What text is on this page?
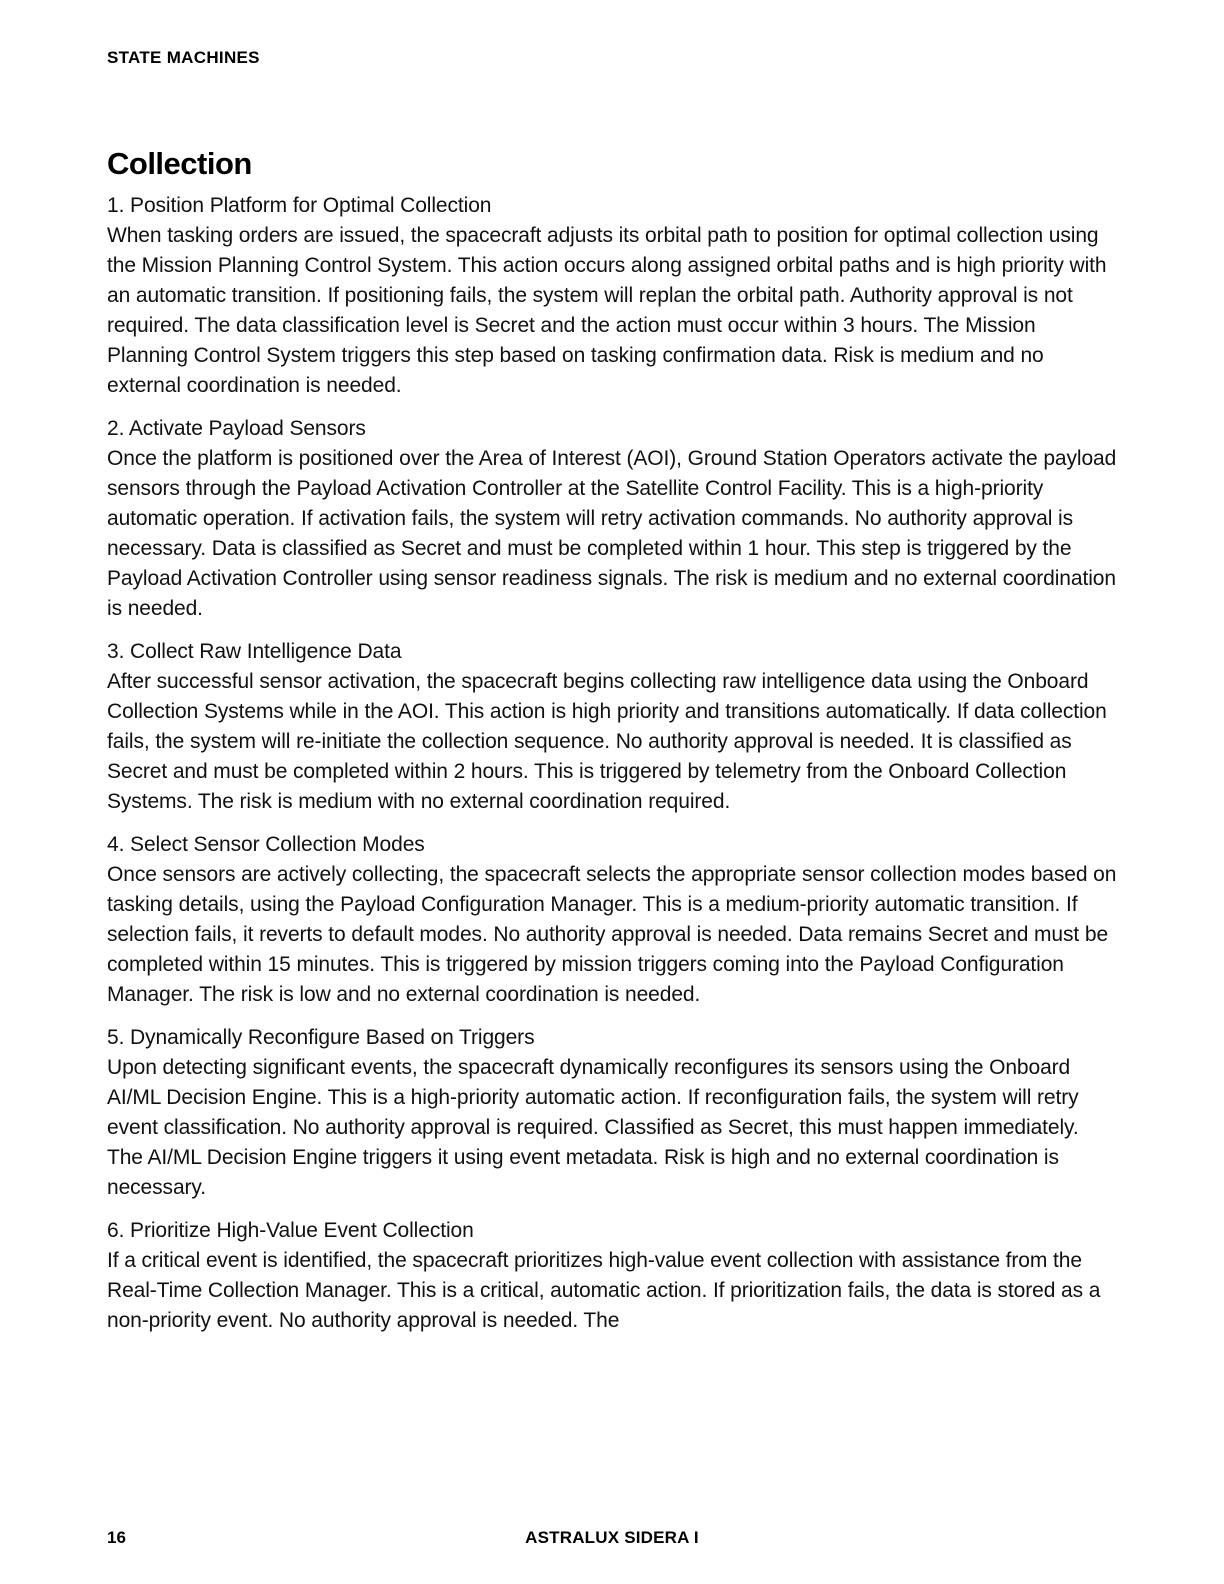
STATE MACHINES
Collection

1. Position Platform for Optimal Collection

When tasking orders are issued, the spacecraft adjusts its orbital path to position for optimal collection using the Mission Planning Control System. This action occurs along assigned orbital paths and is high priority with an automatic transition. If positioning fails, the system will replan the orbital path. Authority approval is not required. The data classification level is Secret and the action must occur within 3 hours. The Mission Planning Control System triggers this step based on tasking confirmation data. Risk is medium and no external coordination is needed.

2. Activate Payload Sensors

Once the platform is positioned over the Area of Interest (AOI), Ground Station Operators activate the payload sensors through the Payload Activation Controller at the Satellite Control Facility. This is a high-priority automatic operation. If activation fails, the system will retry activation commands. No authority approval is necessary. Data is classified as Secret and must be completed within 1 hour. This step is triggered by the Payload Activation Controller using sensor readiness signals. The risk is medium and no external coordination is needed.

3. Collect Raw Intelligence Data

After successful sensor activation, the spacecraft begins collecting raw intelligence data using the Onboard Collection Systems while in the AOI. This action is high priority and transitions automatically. If data collection fails, the system will re-initiate the collection sequence. No authority approval is needed. It is classified as Secret and must be completed within 2 hours. This is triggered by telemetry from the Onboard Collection Systems. The risk is medium with no external coordination required.

4. Select Sensor Collection Modes

Once sensors are actively collecting, the spacecraft selects the appropriate sensor collection modes based on tasking details, using the Payload Configuration Manager. This is a medium-priority automatic transition. If selection fails, it reverts to default modes. No authority approval is needed. Data remains Secret and must be completed within 15 minutes. This is triggered by mission triggers coming into the Payload Configuration Manager. The risk is low and no external coordination is needed.

5. Dynamically Reconfigure Based on Triggers

Upon detecting significant events, the spacecraft dynamically reconfigures its sensors using the Onboard AI/ML Decision Engine. This is a high-priority automatic action. If reconfiguration fails, the system will retry event classification. No authority approval is required. Classified as Secret, this must happen immediately. The AI/ML Decision Engine triggers it using event metadata. Risk is high and no external coordination is necessary.

6. Prioritize High-Value Event Collection

If a critical event is identified, the spacecraft prioritizes high-value event collection with assistance from the Real-Time Collection Manager. This is a critical, automatic action. If prioritization fails, the data is stored as a non-priority event. No authority approval is needed. The

16	ASTRALUX SIDERA I
